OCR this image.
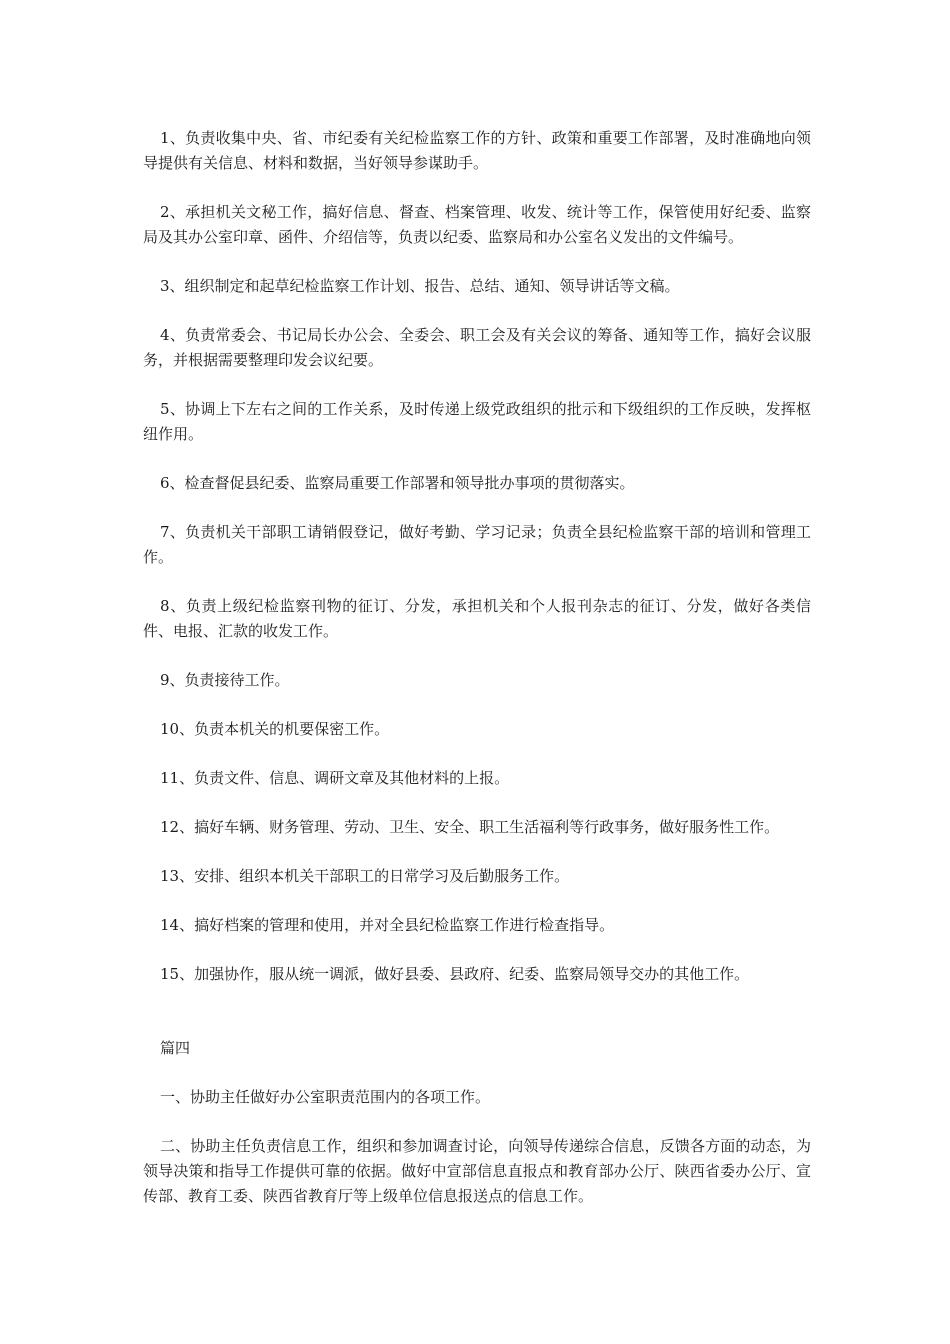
1、负责收集中央、省、市纪委有关纪检监察工作的方针、政策和重要工作部署，及时准确地向领导提供有关信息、材料和数据，当好领导参谋助手。

2、承担机关文秘工作，搞好信息、督查、档案管理、收发、统计等工作，保管使用好纪委、监察局及其办公室印章、函件、介绍信等，负责以纪委、监察局和办公室名义发出的文件编号。

3、组织制定和起草纪检监察工作计划、报告、总结、通知、领导讲话等文稿。

4、负责常委会、书记局长办公会、全委会、职工会及有关会议的筹备、通知等工作，搞好会议服务，并根据需要整理印发会议纪要。

5、协调上下左右之间的工作关系，及时传递上级党政组织的批示和下级组织的工作反映，发挥枢纽作用。

6、检查督促县纪委、监察局重要工作部署和领导批办事项的贯彻落实。

7、负责机关干部职工请销假登记，做好考勤、学习记录；负责全县纪检监察干部的培训和管理工作。

8、负责上级纪检监察刊物的征订、分发，承担机关和个人报刊杂志的征订、分发，做好各类信件、电报、汇款的收发工作。

9、负责接待工作。

10、负责本机关的机要保密工作。

11、负责文件、信息、调研文章及其他材料的上报。

12、搞好车辆、财务管理、劳动、卫生、安全、职工生活福利等行政事务，做好服务性工作。

13、安排、组织本机关干部职工的日常学习及后勤服务工作。

14、搞好档案的管理和使用，并对全县纪检监察工作进行检查指导。

15、加强协作，服从统一调派，做好县委、县政府、纪委、监察局领导交办的其他工作。

篇四

一、协助主任做好办公室职责范围内的各项工作。

二、协助主任负责信息工作，组织和参加调查讨论，向领导传递综合信息，反馈各方面的动态，为领导决策和指导工作提供可靠的依据。做好中宣部信息直报点和教育部办公厅、陕西省委办公厅、宣传部、教育工委、陕西省教育厅等上级单位信息报送点的信息工作。
